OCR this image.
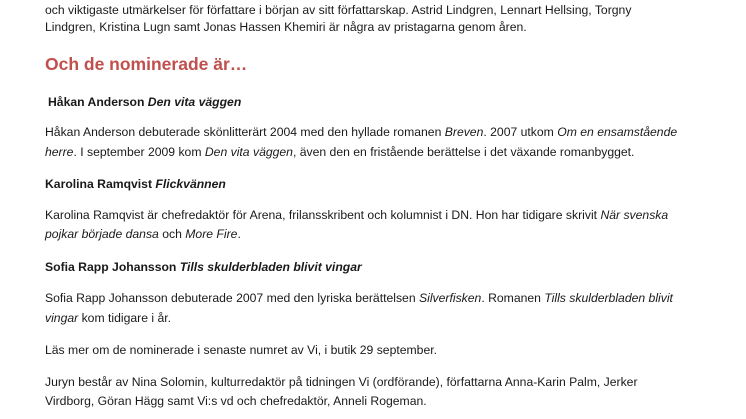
och viktigaste utmärkelser för författare i början av sitt författarskap. Astrid Lindgren, Lennart Hellsing, Torgny
Lindgren, Kristina Lugn samt Jonas Hassen Khemiri är några av pristagarna genom åren.
Och de nominerade är…
Håkan Anderson Den vita väggen
Håkan Anderson debuterade skönlitterärt 2004 med den hyllade romanen Breven. 2007 utkom Om en ensamstående
herre. I september 2009 kom Den vita väggen, även den en fristående berättelse i det växande romanbygget.
Karolina Ramqvist Flickvännen
Karolina Ramqvist är chefredaktör för Arena, frilansskribent och kolumnist i DN. Hon har tidigare skrivit När svenska
pojkar började dansa och More Fire.
Sofia Rapp Johansson Tills skulderbladen blivit vingar
Sofia Rapp Johansson debuterade 2007 med den lyriska berättelsen Silverfisken. Romanen Tills skulderbladen blivit
vingar kom tidigare i år.
Läs mer om de nominerade i senaste numret av Vi, i butik 29 september.
Juryn består av Nina Solomin, kulturredaktör på tidningen Vi (ordförande), författarna Anna-Karin Palm, Jerker
Virdborg, Göran Hägg samt Vi:s vd och chefredaktör, Anneli Rogeman.
